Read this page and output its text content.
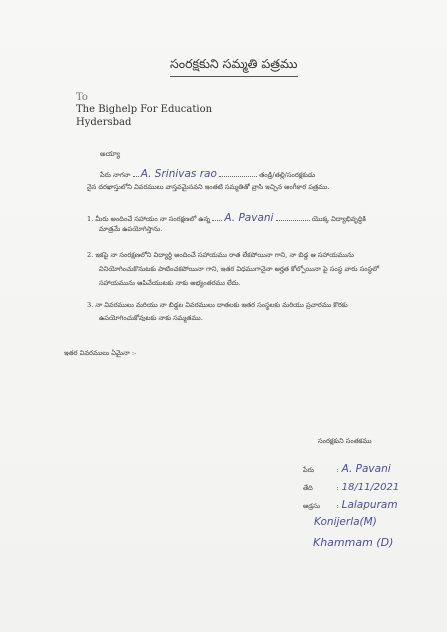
సంరక్షకుని సమ్మతి పత్రము
To
The Bighelp For Education
Hydersbad
అయ్యా
పేరు నాగనా A. Srinivas rao	తండ్రి/తల్లి/సంరక్షకుడు
నైన దరఖాస్తులోని వివరములు వాస్తవమైనవని ఇంతటి సమ్మతితో వ్రాసి ఇచ్చిన అంగీకార పత్రము.
1. మీరు అందించే సహాయం నా సంరక్షణలో ఉన్న A. Pavani	యొక్క విద్యాభివృద్ధికి
మాత్రమే ఉపయోగిస్తాను.
2. ఇకపై నా సంరక్షణలోని విద్యార్థి అందించే సహాయము రాత లేకపోయినా గాని, నా బిడ్డ ఆ సహాయమును
వినియోగించుకొనుటకు పాటించకపోయినా గాని, ఇతర విధముగానైనా అర్హత కోల్పోయినా పై సంస్థ వారు సంస్థలో
సహాయమును ఆపివేయుటకు నాకు అభ్యంతరము లేదు.
3. నా వివరములు మరియు నా బిడ్డల వివరములు దాతలకు ఇతర సంస్థలకు మరియు ప్రచారము కొరకు
ఉపయోగించుకోవుటకు నాకు సమ్మతము.
ఇతర వివరములు ఏమైనా :-
సంరక్షకుని సంతకము
పేరు	: A. Pavani
తేది	: 18/11/2021
అడ్రసు : Lalapuram
Konijerla(M)
Khammam (D)
